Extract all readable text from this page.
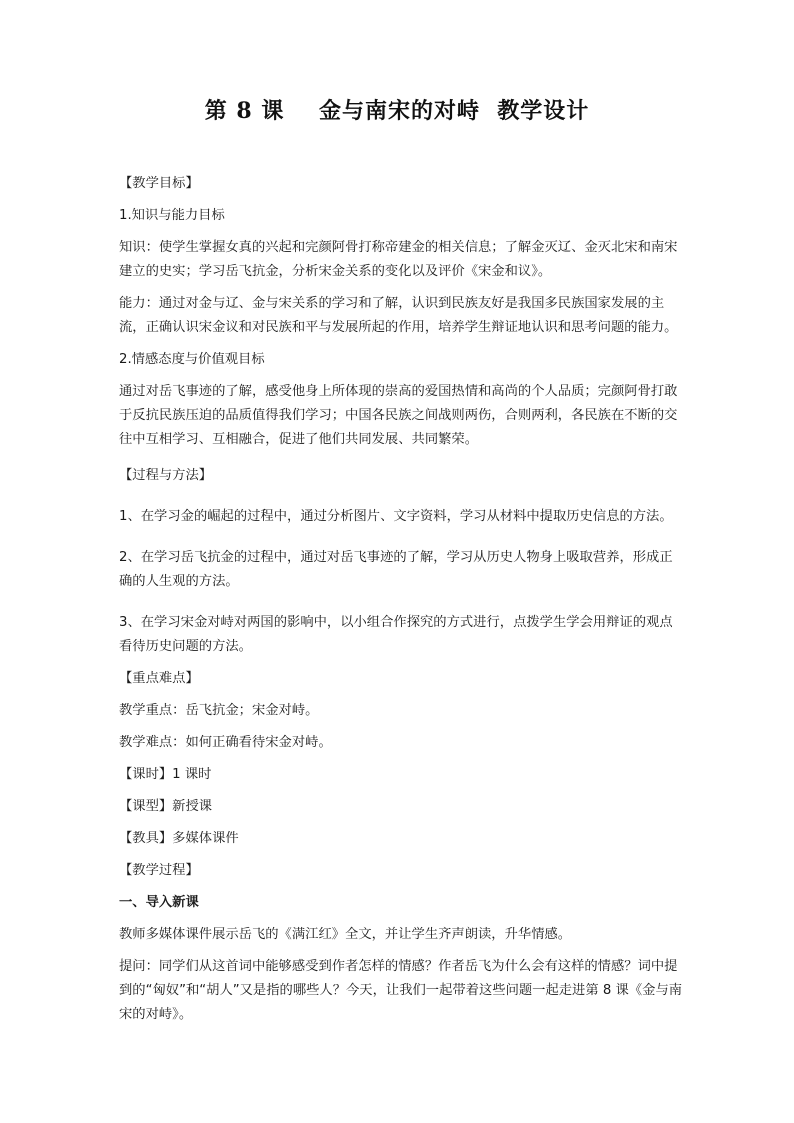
第 8 课    金与南宋的对峙  教学设计

【教学目标】

1.知识与能力目标

知识：使学生掌握女真的兴起和完颜阿骨打称帝建金的相关信息；了解金灭辽、金灭北宋和南宋建立的史实；学习岳飞抗金，分析宋金关系的变化以及评价《宋金和议》。

能力：通过对金与辽、金与宋关系的学习和了解，认识到民族友好是我国多民族国家发展的主流，正确认识宋金议和对民族和平与发展所起的作用，培养学生辩证地认识和思考问题的能力。

2.情感态度与价值观目标

通过对岳飞事迹的了解，感受他身上所体现的崇高的爱国热情和高尚的个人品质；完颜阿骨打敢于反抗民族压迫的品质值得我们学习；中国各民族之间战则两伤，合则两利，各民族在不断的交往中互相学习、互相融合，促进了他们共同发展、共同繁荣。

【过程与方法】

1、在学习金的崛起的过程中，通过分析图片、文字资料，学习从材料中提取历史信息的方法。

2、在学习岳飞抗金的过程中，通过对岳飞事迹的了解，学习从历史人物身上吸取营养，形成正确的人生观的方法。

3、在学习宋金对峙对两国的影响中，以小组合作探究的方式进行，点拨学生学会用辩证的观点看待历史问题的方法。

【重点难点】

教学重点：岳飞抗金；宋金对峙。

教学难点：如何正确看待宋金对峙。

【课时】1 课时

【课型】新授课

【教具】多媒体课件

【教学过程】

一、导入新课

教师多媒体课件展示岳飞的《满江红》全文，并让学生齐声朗读，升华情感。

提问：同学们从这首词中能够感受到作者怎样的情感？作者岳飞为什么会有这样的情感？词中提到的“匈奴”和“胡人”又是指的哪些人？今天，让我们一起带着这些问题一起走进第 8 课《金与南宋的对峙》。
